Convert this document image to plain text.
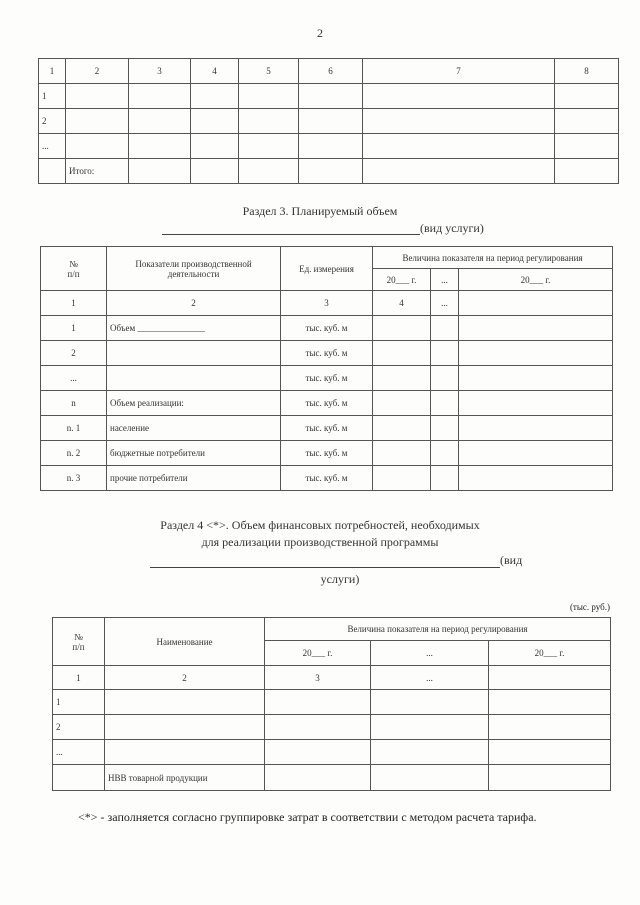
2
1	2	3	4	5	6	7	8
1							
2							
...							
	Итого:						
Раздел 3. Планируемый объем
(вид услуги)
№
п/п	Показатели производственной деятельности	Ед. измерения	Величина показателя на период регулирования		
			20___ г.	...	20___ г.
1	2	3	4	...	
1	Объем _______________	тыс. куб. м			
2		тыс. куб. м			
...		тыс. куб. м			
n	Объем реализации:	тыс. куб. м			
n. 1	население	тыс. куб. м			
n. 2	бюджетные потребители	тыс. куб. м			
n. 3	прочие потребители	тыс. куб. м			
Раздел 4 <*>. Объем финансовых потребностей, необходимых
для реализации производственной программы
(вид
услуги)
(тыс. руб.)
№
п/п	Наименование	Величина показателя на период регулирования		
		20___ г.	...	20___ г.
1	2	3	...	
1				
2				
...				
	НВВ товарной продукции			
<*> - заполняется согласно группировке затрат в соответствии с методом расчета тарифа.
